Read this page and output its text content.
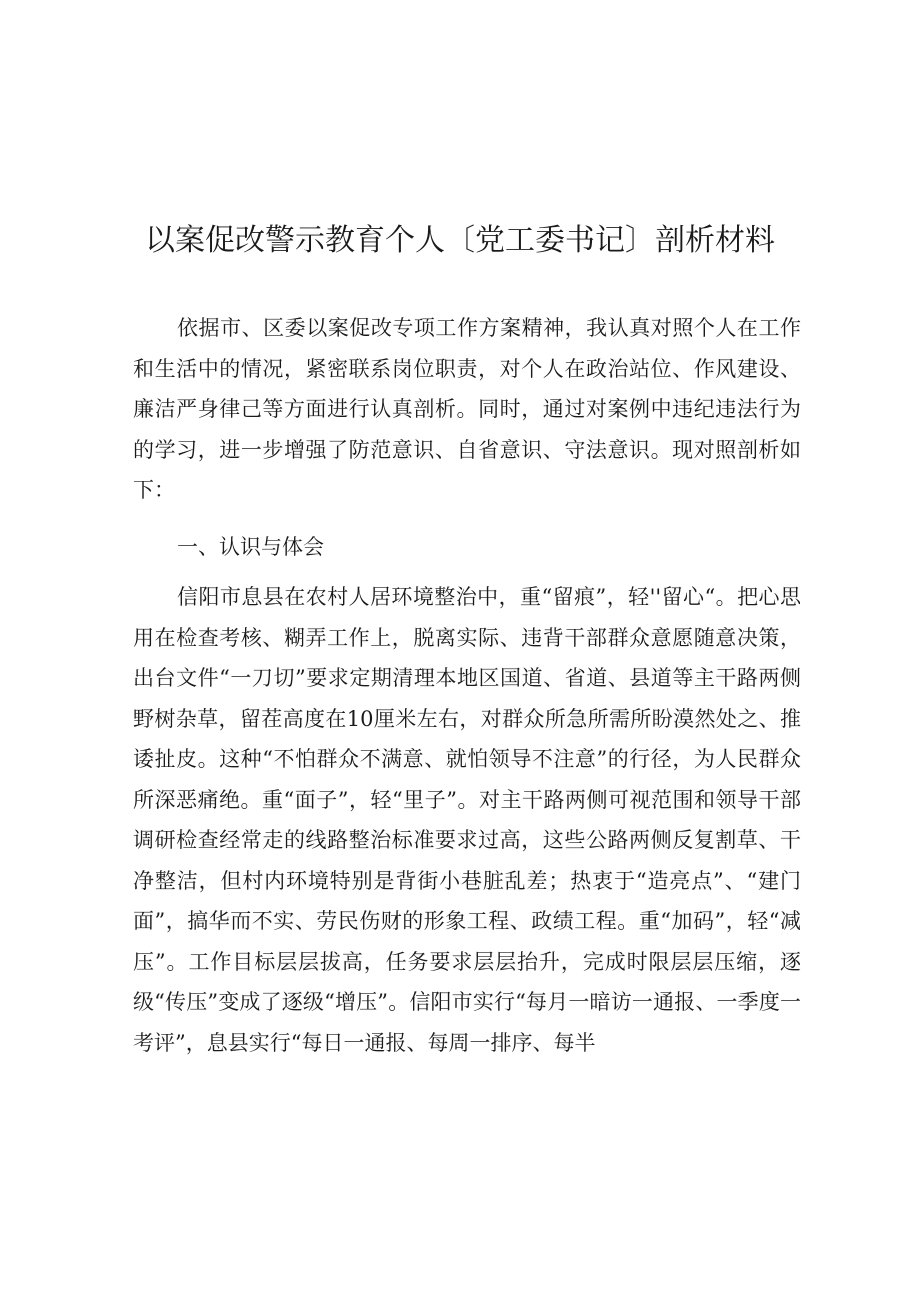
以案促改警示教育个人〔党工委书记〕剖析材料

依据市、区委以案促改专项工作方案精神，我认真对照个人在工作和生活中的情况，紧密联系岗位职责，对个人在政治站位、作风建设、廉洁严身律己等方面进行认真剖析。同时，通过对案例中违纪违法行为的学习，进一步增强了防范意识、自省意识、守法意识。现对照剖析如下：

一、认识与体会

信阳市息县在农村人居环境整治中，重“留痕”，轻''留心“。把心思用在检查考核、糊弄工作上，脱离实际、违背干部群众意愿随意决策，出台文件“一刀切”要求定期清理本地区国道、省道、县道等主干路两侧野树杂草，留茬高度在10厘米左右，对群众所急所需所盼漠然处之、推诿扯皮。这种“不怕群众不满意、就怕领导不注意”的行径，为人民群众所深恶痛绝。重“面子”，轻“里子”。对主干路两侧可视范围和领导干部调研检查经常走的线路整治标准要求过高，这些公路两侧反复割草、干净整洁，但村内环境特别是背街小巷脏乱差；热衷于“造亮点”、“建门面”，搞华而不实、劳民伤财的形象工程、政绩工程。重“加码”，轻“减压”。工作目标层层拔高，任务要求层层抬升，完成时限层层压缩，逐级“传压”变成了逐级“增压”。信阳市实行“每月一暗访一通报、一季度一考评”，息县实行“每日一通报、每周一排序、每半
